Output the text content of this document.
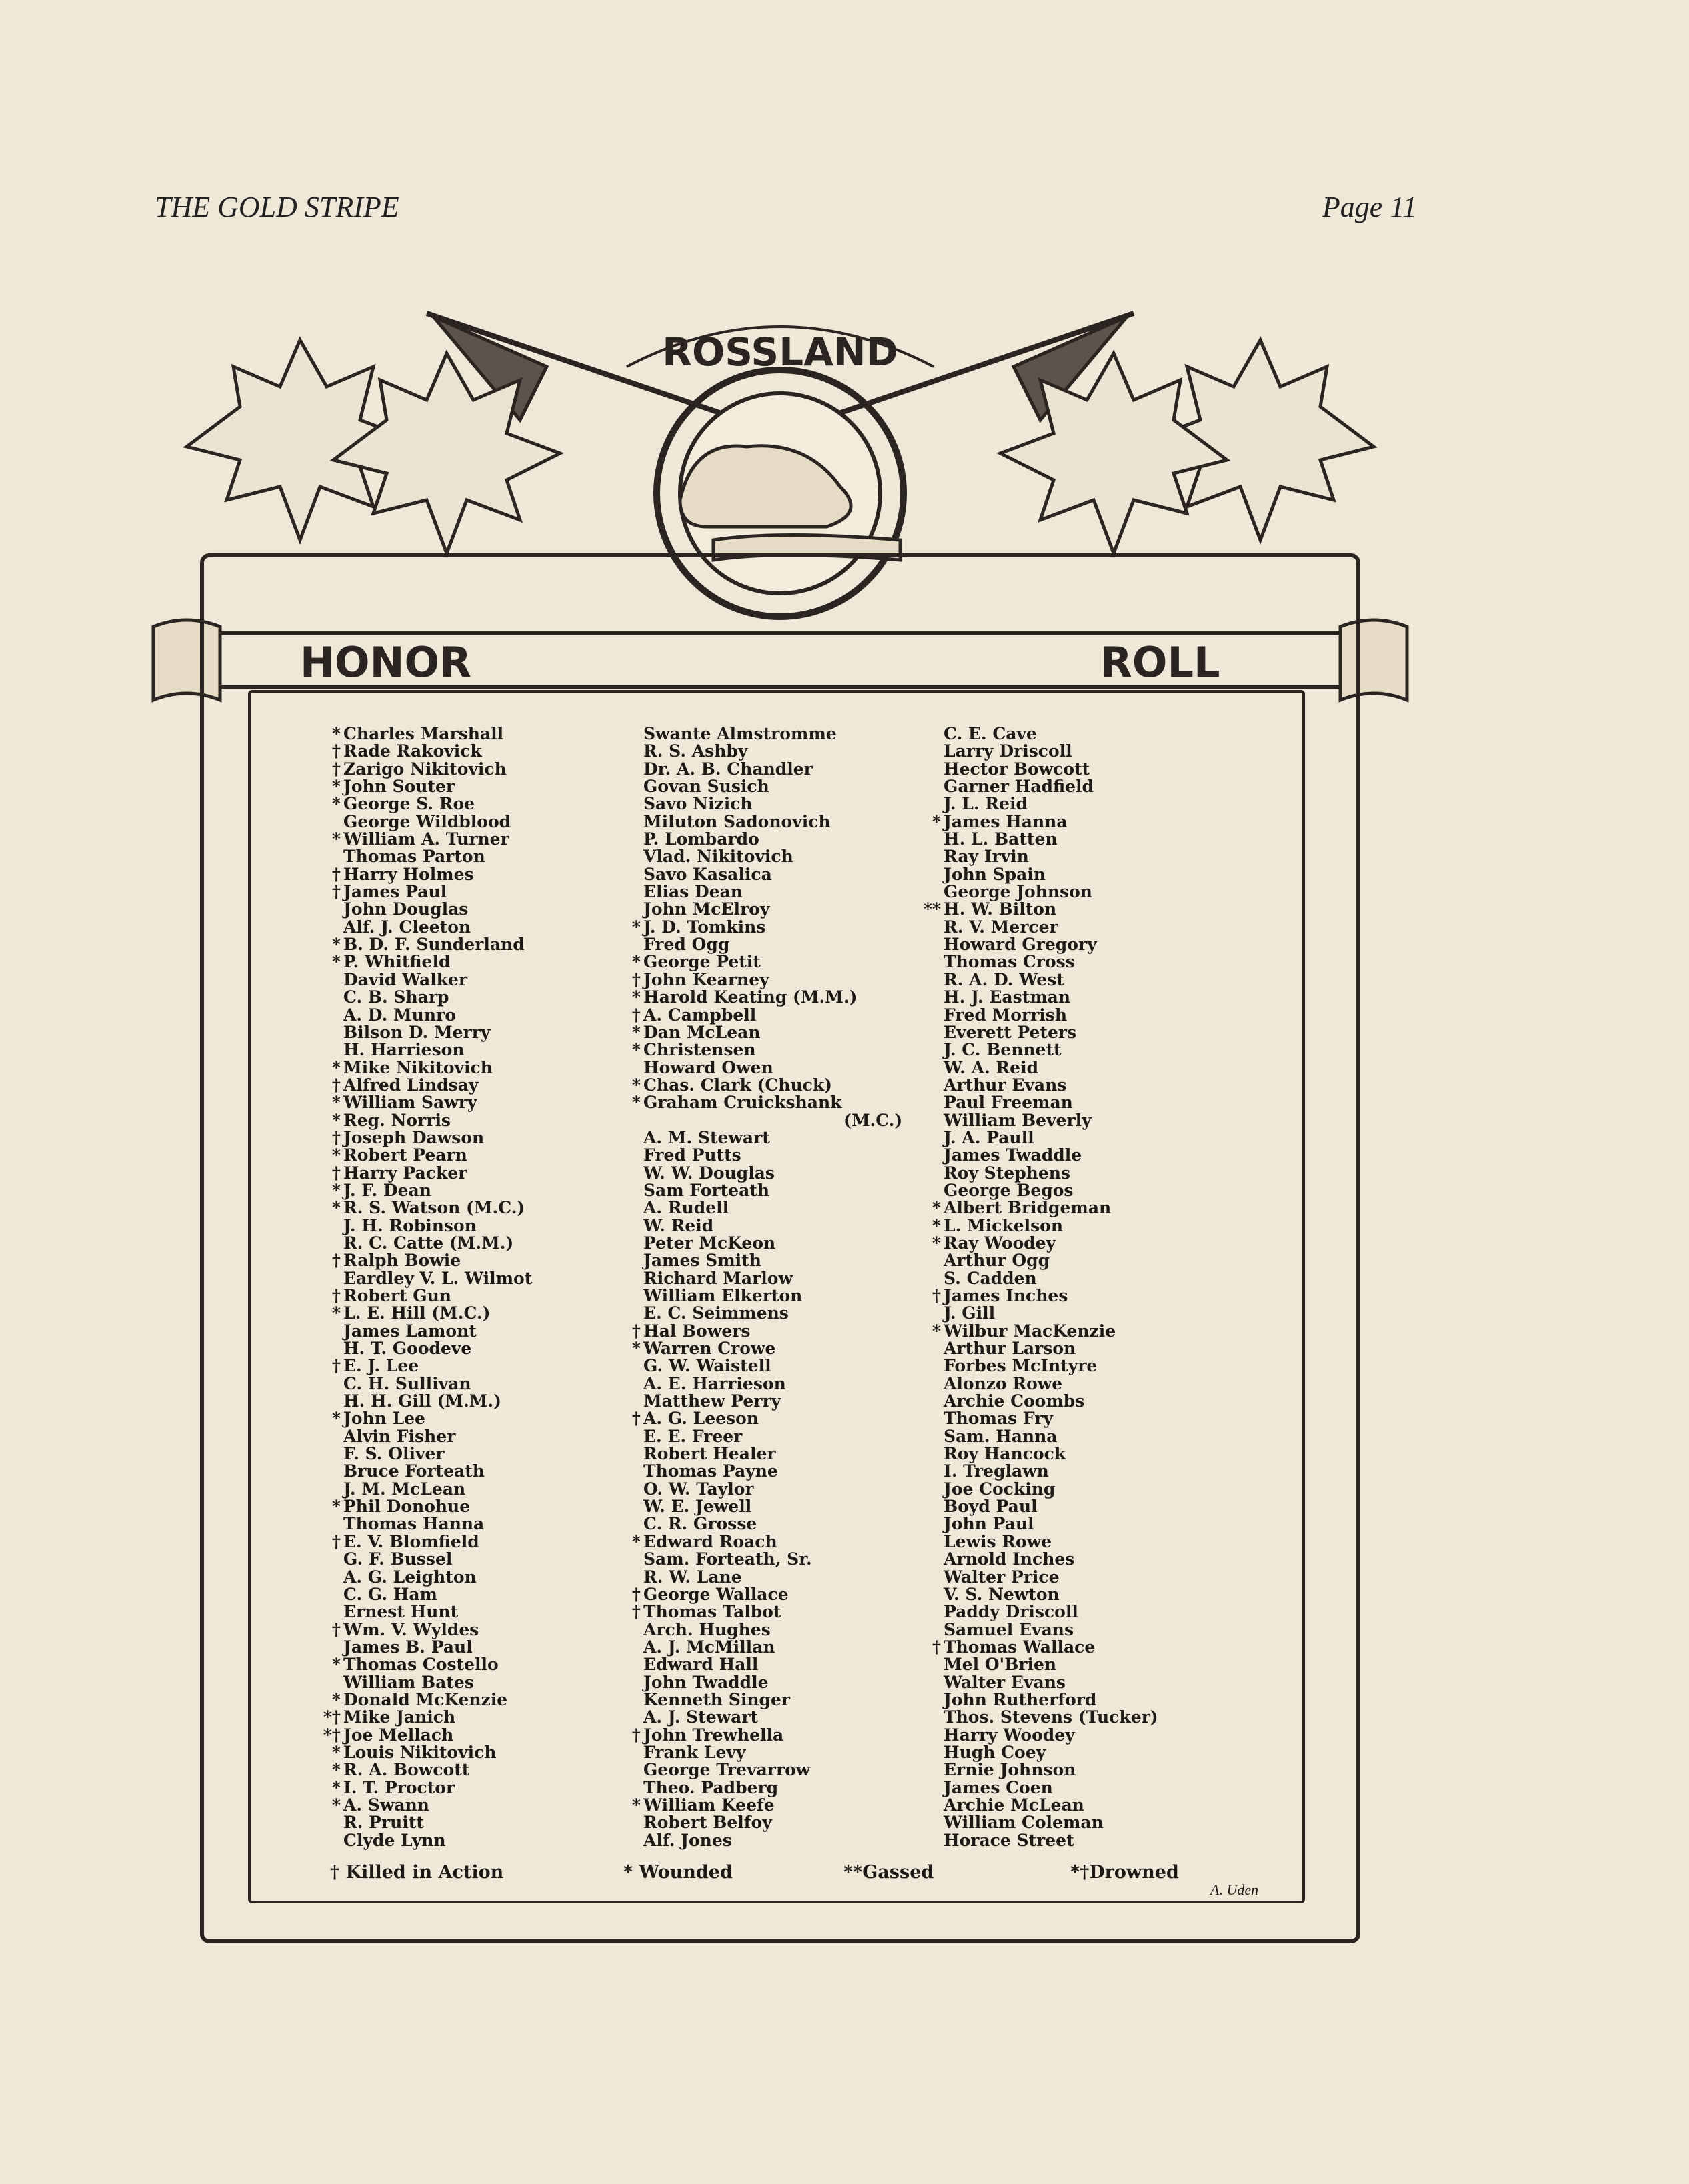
THE GOLD STRIPE	Page 11
ROSSLAND
HONOR	ROLL
* Charles Marshall
† Rade Rakovick
† Zarigo Nikitovich
* John Souter
* George S. Roe
George Wildblood
* William A. Turner
Thomas Parton
† Harry Holmes
† James Paul
John Douglas
Alf. J. Cleeton
* B. D. F. Sunderland
* P. Whitfield
David Walker
C. B. Sharp
A. D. Munro
Bilson D. Merry
H. Harrieson
* Mike Nikitovich
† Alfred Lindsay
* William Sawry
* Reg. Norris
† Joseph Dawson
* Robert Pearn
† Harry Packer
* J. F. Dean
* R. S. Watson (M.C.)
J. H. Robinson
R. C. Catte (M.M.)
† Ralph Bowie
Eardley V. L. Wilmot
† Robert Gun
* L. E. Hill (M.C.)
James Lamont
H. T. Goodeve
† E. J. Lee
C. H. Sullivan
H. H. Gill (M.M.)
* John Lee
Alvin Fisher
F. S. Oliver
Bruce Forteath
J. M. McLean
* Phil Donohue
Thomas Hanna
† E. V. Blomfield
G. F. Bussel
A. G. Leighton
C. G. Ham
Ernest Hunt
† Wm. V. Wyldes
James B. Paul
* Thomas Costello
William Bates
* Donald McKenzie
*† Mike Janich
*† Joe Mellach
* Louis Nikitovich
* R. A. Bowcott
* I. T. Proctor
* A. Swann
R. Pruitt
Clyde Lynn
Swante Almstromme
R. S. Ashby
Dr. A. B. Chandler
Govan Susich
Savo Nizich
Miluton Sadonovich
P. Lombardo
Vlad. Nikitovich
Savo Kasalica
Elias Dean
John McElroy
* J. D. Tomkins
Fred Ogg
* George Petit
† John Kearney
* Harold Keating (M.M.)
† A. Campbell
* Dan McLean
* Christensen
Howard Owen
* Chas. Clark (Chuck)
* Graham Cruickshank
(M.C.)
A. M. Stewart
Fred Putts
W. W. Douglas
Sam Forteath
A. Rudell
W. Reid
Peter McKeon
James Smith
Richard Marlow
William Elkerton
E. C. Seimmens
† Hal Bowers
* Warren Crowe
G. W. Waistell
A. E. Harrieson
Matthew Perry
† A. G. Leeson
E. E. Freer
Robert Healer
Thomas Payne
O. W. Taylor
W. E. Jewell
C. R. Grosse
* Edward Roach
Sam. Forteath, Sr.
R. W. Lane
† George Wallace
† Thomas Talbot
Arch. Hughes
A. J. McMillan
Edward Hall
John Twaddle
Kenneth Singer
A. J. Stewart
† John Trewhella
Frank Levy
George Trevarrow
Theo. Padberg
* William Keefe
Robert Belfoy
Alf. Jones
C. E. Cave
Larry Driscoll
Hector Bowcott
Garner Hadfield
J. L. Reid
* James Hanna
H. L. Batten
Ray Irvin
John Spain
George Johnson
** H. W. Bilton
R. V. Mercer
Howard Gregory
Thomas Cross
R. A. D. West
H. J. Eastman
Fred Morrish
Everett Peters
J. C. Bennett
W. A. Reid
Arthur Evans
Paul Freeman
William Beverly
J. A. Paull
James Twaddle
Roy Stephens
George Begos
* Albert Bridgeman
* L. Mickelson
* Ray Woodey
Arthur Ogg
S. Cadden
† James Inches
J. Gill
* Wilbur MacKenzie
Arthur Larson
Forbes McIntyre
Alonzo Rowe
Archie Coombs
Thomas Fry
Sam. Hanna
Roy Hancock
I. Treglawn
Joe Cocking
Boyd Paul
John Paul
Lewis Rowe
Arnold Inches
Walter Price
V. S. Newton
Paddy Driscoll
Samuel Evans
† Thomas Wallace
Mel O'Brien
Walter Evans
John Rutherford
Thos. Stevens (Tucker)
Harry Woodey
Hugh Coey
Ernie Johnson
James Coen
Archie McLean
William Coleman
Horace Street
† Killed in Action	* Wounded	**Gassed	*†Drowned
A. Uden
